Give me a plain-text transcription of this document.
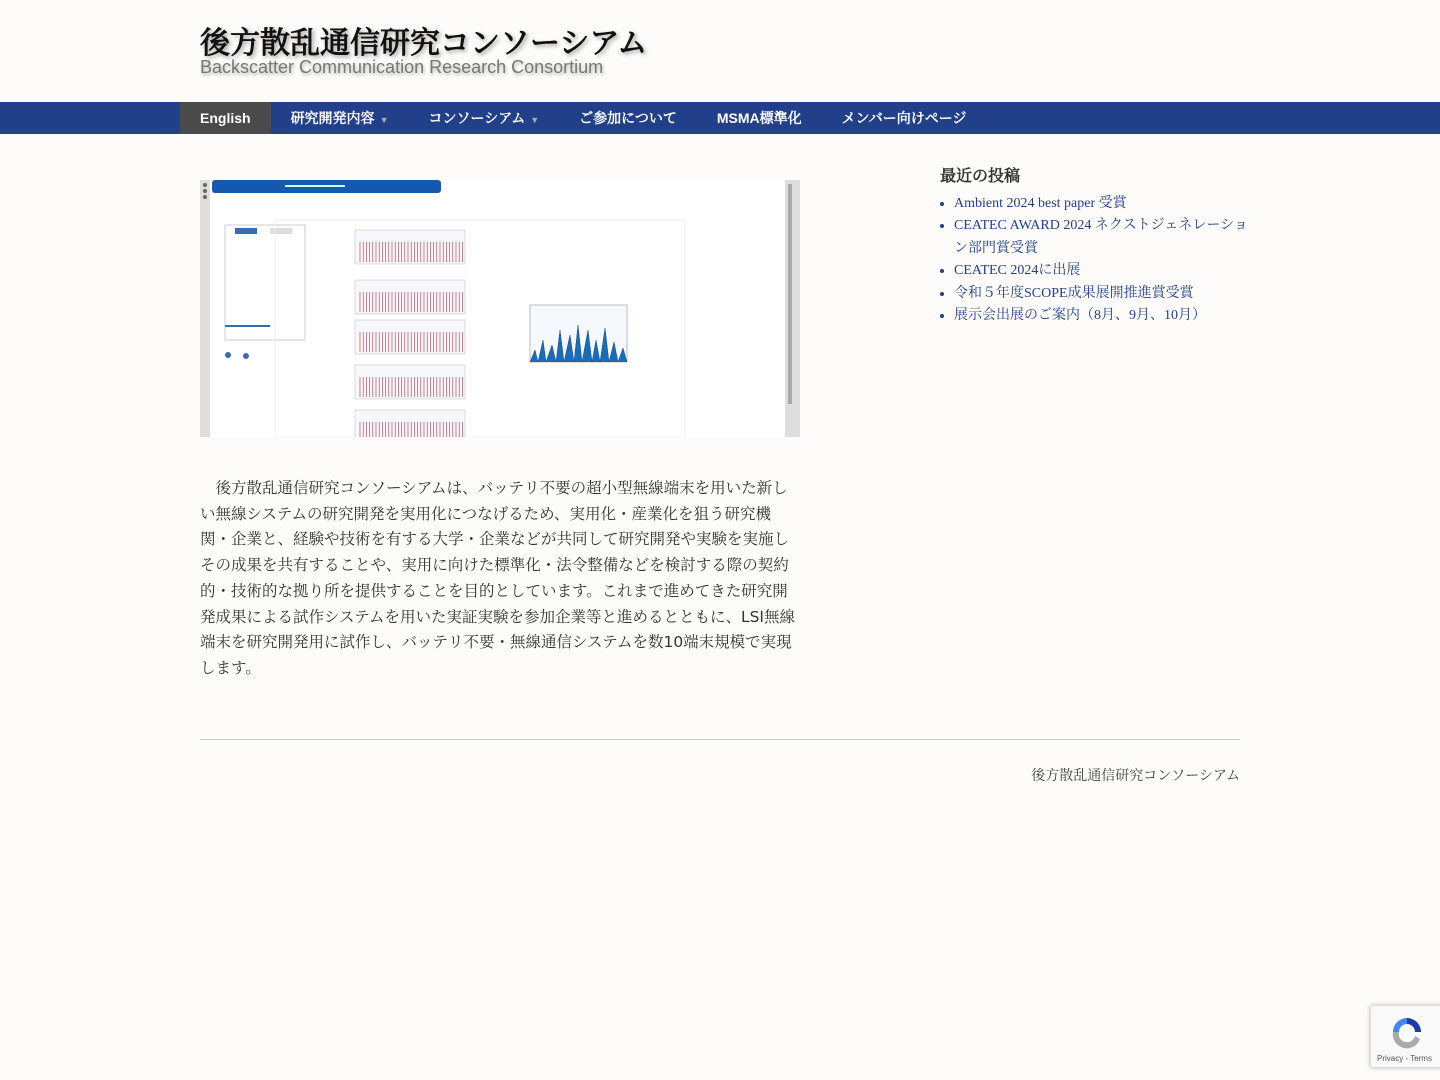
後方散乱通信研究コンソーシアム
Backscatter Communication Research Consortium
English	研究開発内容 ▼	コンソーシアム ▼	ご参加について	MSMA標準化	メンバー向けページ
　後方散乱通信研究コンソーシアムは、バッテリ不要の超小型無線端末を用いた新しい無線システムの研究開発を実用化につなげるため、実用化・産業化を狙う研究機関・企業と、経験や技術を有する大学・企業などが共同して研究開発や実験を実施しその成果を共有することや、実用に向けた標準化・法令整備などを検討する際の契約的・技術的な拠り所を提供することを目的としています。これまで進めてきた研究開発成果による試作システムを用いた実証実験を参加企業等と進めるとともに、LSI無線端末を研究開発用に試作し、バッテリ不要・無線通信システムを数10端末規模で実現します。
最近の投稿
• Ambient 2024 best paper 受賞
• CEATEC AWARD 2024 ネクストジェネレーション部門賞受賞
• CEATEC 2024に出展
• 令和５年度SCOPE成果展開推進賞受賞
• 展示会出展のご案内（8月、9月、10月）
後方散乱通信研究コンソーシアム
Privacy - Terms
